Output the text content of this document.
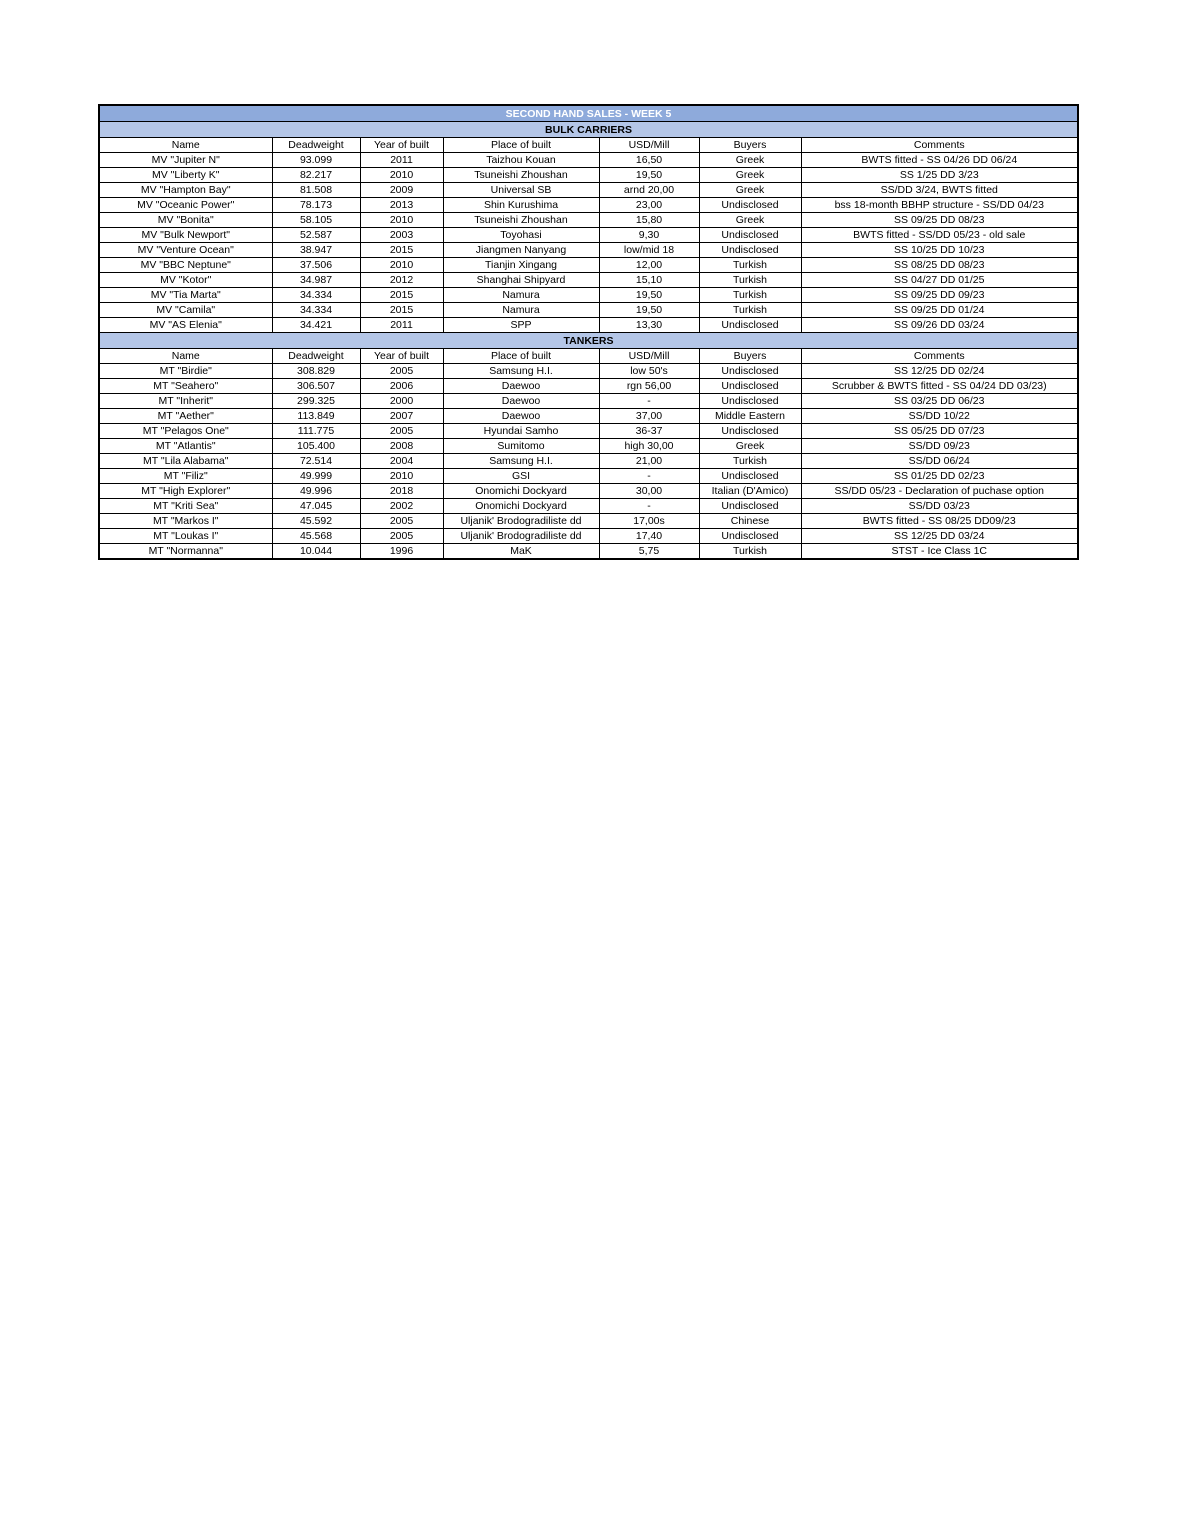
SECOND HAND SALES - WEEK 5						
BULK CARRIERS						
Name	Deadweight	Year of built	Place of built	USD/Mill	Buyers	Comments
MV "Jupiter N"	93.099	2011	Taizhou Kouan	16,50	Greek	BWTS fitted - SS 04/26 DD 06/24
MV "Liberty K"	82.217	2010	Tsuneishi Zhoushan	19,50	Greek	SS 1/25 DD 3/23
MV "Hampton Bay"	81.508	2009	Universal SB	arnd 20,00	Greek	SS/DD 3/24, BWTS fitted
MV "Oceanic Power"	78.173	2013	Shin Kurushima	23,00	Undisclosed	bss 18-month BBHP structure - SS/DD 04/23
MV "Bonita"	58.105	2010	Tsuneishi Zhoushan	15,80	Greek	SS 09/25 DD 08/23
MV "Bulk Newport"	52.587	2003	Toyohasi	9,30	Undisclosed	BWTS fitted - SS/DD 05/23 - old sale
MV "Venture Ocean"	38.947	2015	Jiangmen Nanyang	low/mid 18	Undisclosed	SS 10/25 DD 10/23
MV "BBC Neptune"	37.506	2010	Tianjin Xingang	12,00	Turkish	SS 08/25 DD 08/23
MV "Kotor"	34.987	2012	Shanghai Shipyard	15,10	Turkish	SS 04/27 DD 01/25
MV "Tia Marta"	34.334	2015	Namura	19,50	Turkish	SS 09/25 DD 09/23
MV "Camila"	34.334	2015	Namura	19,50	Turkish	SS 09/25 DD 01/24
MV "AS Elenia"	34.421	2011	SPP	13,30	Undisclosed	SS 09/26 DD 03/24
TANKERS						
Name	Deadweight	Year of built	Place of built	USD/Mill	Buyers	Comments
MT "Birdie"	308.829	2005	Samsung H.I.	low 50's	Undisclosed	SS 12/25 DD 02/24
MT "Seahero"	306.507	2006	Daewoo	rgn 56,00	Undisclosed	Scrubber & BWTS fitted - SS 04/24 DD 03/23)
MT "Inherit"	299.325	2000	Daewoo	-	Undisclosed	SS 03/25 DD 06/23
MT "Aether"	113.849	2007	Daewoo	37,00	Middle Eastern	SS/DD 10/22
MT "Pelagos One"	111.775	2005	Hyundai Samho	36-37	Undisclosed	SS 05/25 DD 07/23
MT "Atlantis"	105.400	2008	Sumitomo	high 30,00	Greek	SS/DD 09/23
MT "Lila Alabama"	72.514	2004	Samsung H.I.	21,00	Turkish	SS/DD 06/24
MT "Filiz"	49.999	2010	GSI	-	Undisclosed	SS 01/25 DD 02/23
MT "High Explorer"	49.996	2018	Onomichi Dockyard	30,00	Italian (D'Amico)	SS/DD 05/23 - Declaration of puchase option
MT "Kriti Sea"	47.045	2002	Onomichi Dockyard	-	Undisclosed	SS/DD 03/23
MT "Markos I"	45.592	2005	Uljanik' Brodogradiliste dd	17,00s	Chinese	BWTS fitted - SS 08/25 DD09/23
MT "Loukas I"	45.568	2005	Uljanik' Brodogradiliste dd	17,40	Undisclosed	SS 12/25 DD 03/24
MT "Normanna"	10.044	1996	MaK	5,75	Turkish	STST - Ice Class 1C
